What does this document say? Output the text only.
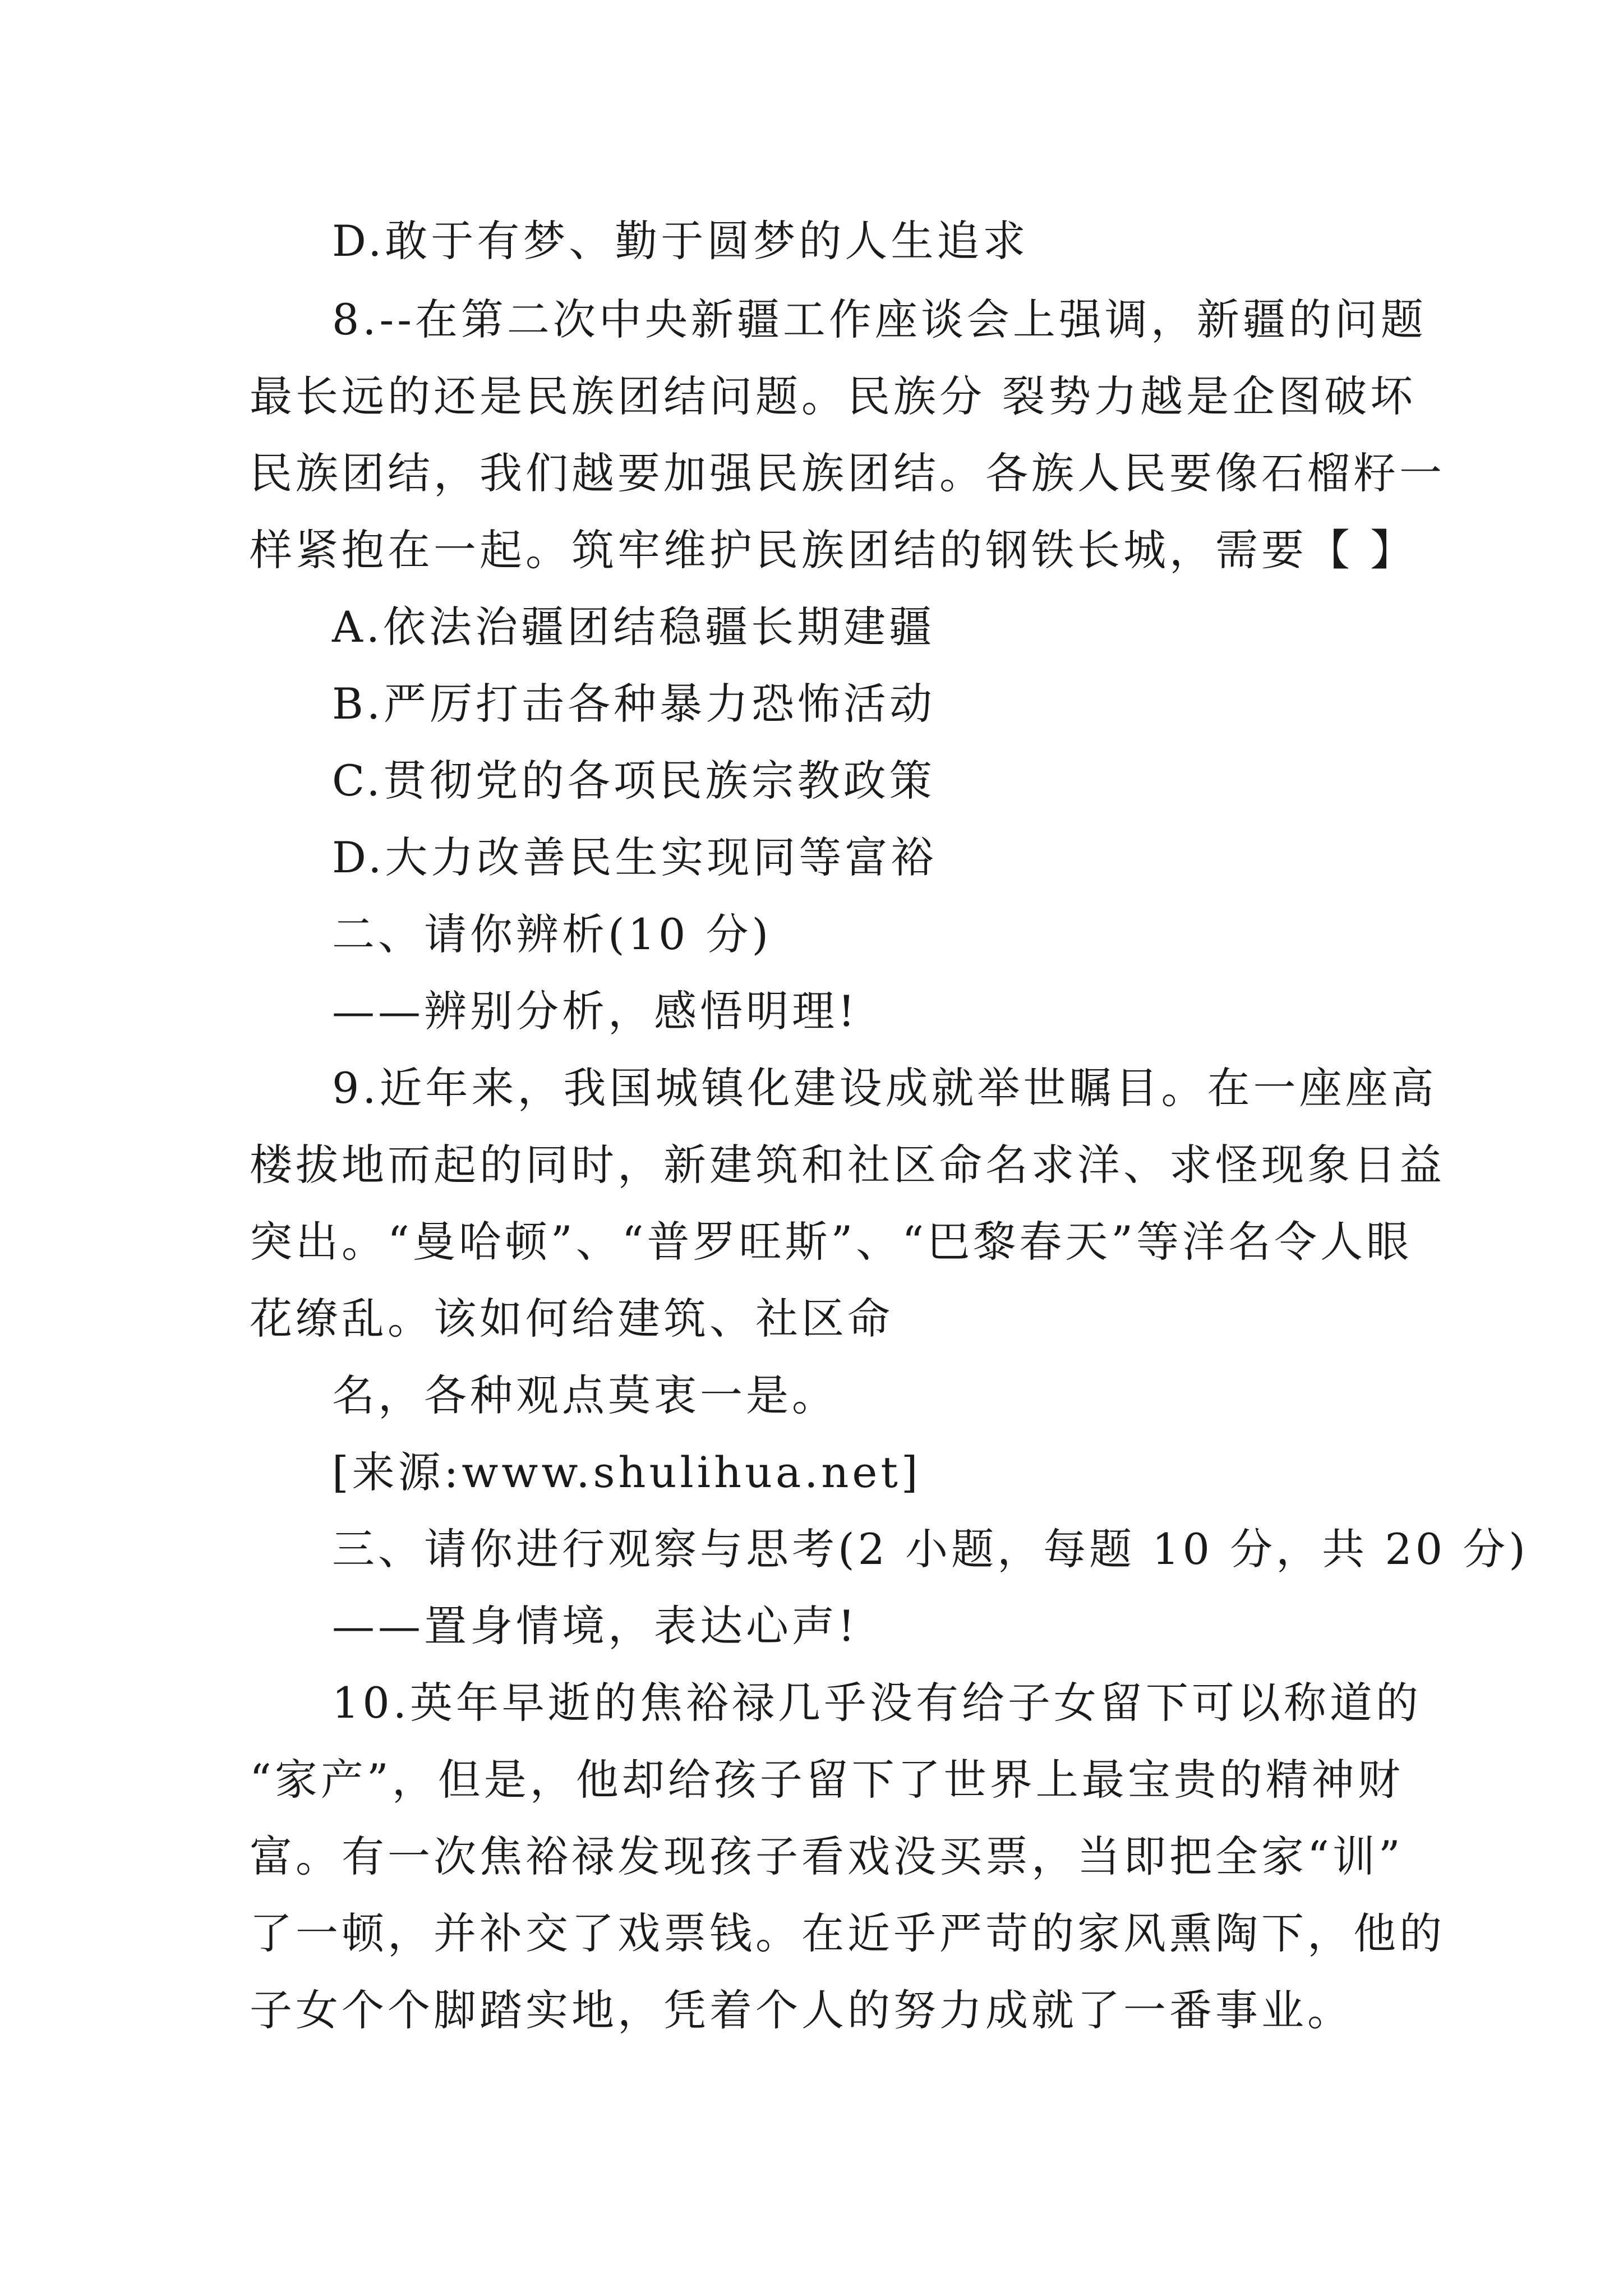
D.敢于有梦、勤于圆梦的人生追求
8.--在第二次中央新疆工作座谈会上强调，新疆的问题
最长远的还是民族团结问题。民族分 裂势力越是企图破坏
民族团结，我们越要加强民族团结。各族人民要像石榴籽一
样紧抱在一起。筑牢维护民族团结的钢铁长城，需要【 】
A.依法治疆团结稳疆长期建疆
B.严厉打击各种暴力恐怖活动
C.贯彻党的各项民族宗教政策
D.大力改善民生实现同等富裕
二、请你辨析(10 分)
——辨别分析，感悟明理!
9.近年来，我国城镇化建设成就举世瞩目。在一座座高
楼拔地而起的同时，新建筑和社区命名求洋、求怪现象日益
突出。“曼哈顿”、“普罗旺斯”、“巴黎春天”等洋名令人眼
花缭乱。该如何给建筑、社区命
名，各种观点莫衷一是。
[来源:www.shulihua.net]
三、请你进行观察与思考(2 小题，每题 10 分，共 20 分)
——置身情境，表达心声!
10.英年早逝的焦裕禄几乎没有给子女留下可以称道的
“家产”，但是，他却给孩子留下了世界上最宝贵的精神财
富。有一次焦裕禄发现孩子看戏没买票，当即把全家“训”
了一顿，并补交了戏票钱。在近乎严苛的家风熏陶下，他的
子女个个脚踏实地，凭着个人的努力成就了一番事业。
